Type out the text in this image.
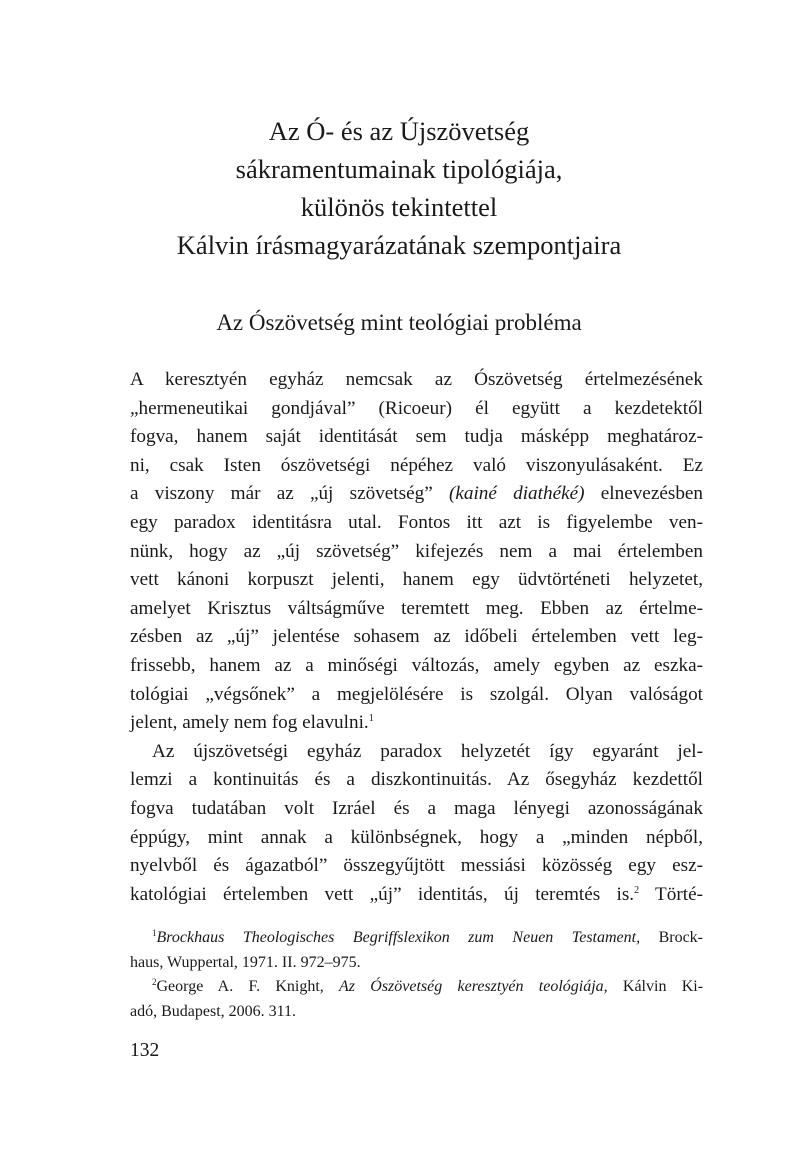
Az Ó- és az Újszövetség
sákramentumainak tipológiája,
különös tekintettel
Kálvin írásmagyarázatának szempontjaira
Az Ószövetség mint teológiai probléma
A keresztyén egyház nemcsak az Ószövetség értelmezésének
„hermeneutikai gondjával” (Ricoeur) él együtt a kezdetektől
fogva, hanem saját identitását sem tudja másképp meghatároz-
ni, csak Isten ószövetségi népéhez való viszonyulásaként. Ez
a viszony már az „új szövetség” (kainé diathéké) elnevezésben
egy paradox identitásra utal. Fontos itt azt is figyelembe ven-
nünk, hogy az „új szövetség” kifejezés nem a mai értelemben
vett kánoni korpuszt jelenti, hanem egy üdvtörténeti helyzetet,
amelyet Krisztus váltságműve teremtett meg. Ebben az értelme-
zésben az „új” jelentése sohasem az időbeli értelemben vett leg-
frissebb, hanem az a minőségi változás, amely egyben az eszka-
tológiai „végsőnek” a megjelölésére is szolgál. Olyan valóságot
jelent, amely nem fog elavulni.$^1$
Az újszövetségi egyház paradox helyzetét így egyaránt jel-
lemzi a kontinuitás és a diszkontinuitás. Az ősegyház kezdettől
fogva tudatában volt Izráel és a maga lényegi azonosságának
éppúgy, mint annak a különbségnek, hogy a „minden népből,
nyelvből és ágazatból” összegyűjtött messiási közösség egy esz-
katológiai értelemben vett „új” identitás, új teremtés is.$^2$ Törté-
$^1$Brockhaus Theologisches Begriffslexikon zum Neuen Testament, Brock-
haus, Wuppertal, 1971. II. 972–975.
$^2$George A. F. Knight, Az Ószövetség keresztyén teológiája, Kálvin Ki-
adó, Budapest, 2006. 311.
132
